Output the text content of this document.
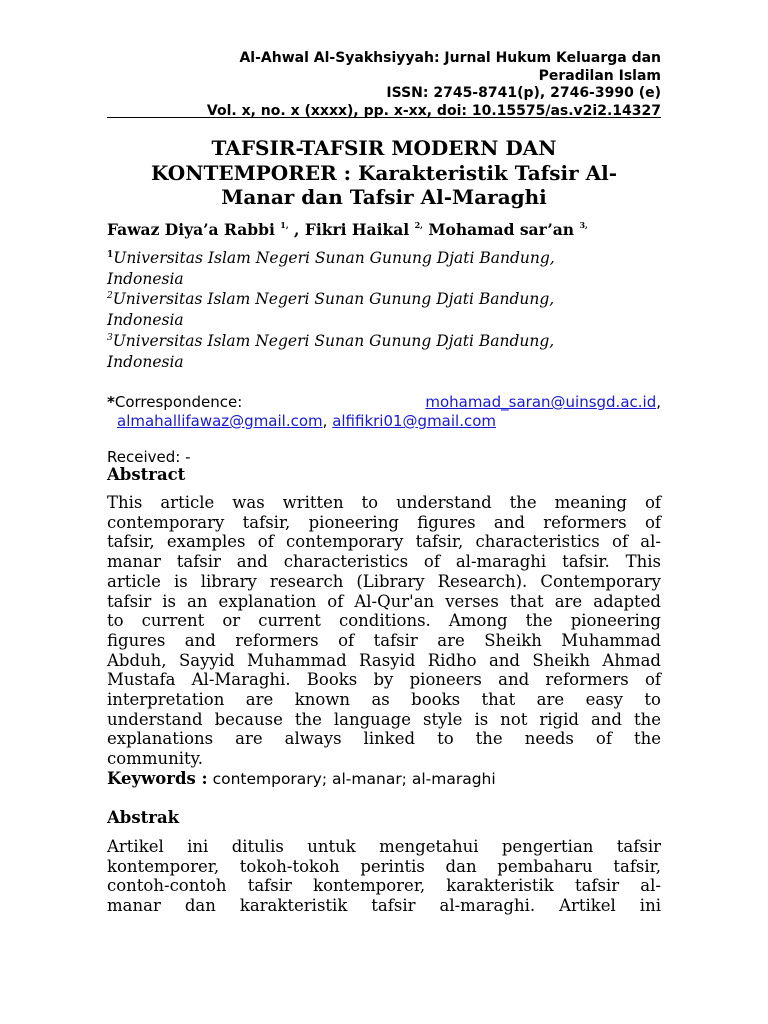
Al-Ahwal Al-Syakhsiyyah: Jurnal Hukum Keluarga dan
Peradilan Islam
ISSN: 2745-8741(p), 2746-3990 (e)
Vol. x, no. x (xxxx), pp. x-xx, doi: 10.15575/as.v2i2.14327
TAFSIR-TAFSIR MODERN DAN
KONTEMPORER : Karakteristik Tafsir Al-
Manar dan Tafsir Al-Maraghi
Fawaz Diya’a Rabbi $^{1,}$ , Fikri Haikal $^{2,}$ Mohamad sar’an $^{3,}$
$^1$Universitas Islam Negeri Sunan Gunung Djati Bandung,
Indonesia
$^2$Universitas Islam Negeri Sunan Gunung Djati Bandung,
Indonesia
$^3$Universitas Islam Negeri Sunan Gunung Djati Bandung,
Indonesia
*Correspondence:	mohamad_saran@uinsgd.ac.id,
almahallifawaz@gmail.com, alfifikri01@gmail.com
Received: -
Abstract
This article was written to understand the meaning of
contemporary tafsir, pioneering figures and reformers of
tafsir, examples of contemporary tafsir, characteristics of al-
manar tafsir and characteristics of al-maraghi tafsir. This
article is library research (Library Research). Contemporary
tafsir is an explanation of Al-Qur'an verses that are adapted
to current or current conditions. Among the pioneering
figures and reformers of tafsir are Sheikh Muhammad
Abduh, Sayyid Muhammad Rasyid Ridho and Sheikh Ahmad
Mustafa Al-Maraghi. Books by pioneers and reformers of
interpretation are known as books that are easy to
understand because the language style is not rigid and the
explanations are always linked to the needs of the
community.
Keywords : contemporary; al-manar; al-maraghi
Abstrak
Artikel ini ditulis untuk mengetahui pengertian tafsir
kontemporer, tokoh-tokoh perintis dan pembaharu tafsir,
contoh-contoh tafsir kontemporer, karakteristik tafsir al-
manar dan karakteristik tafsir al-maraghi. Artikel ini
